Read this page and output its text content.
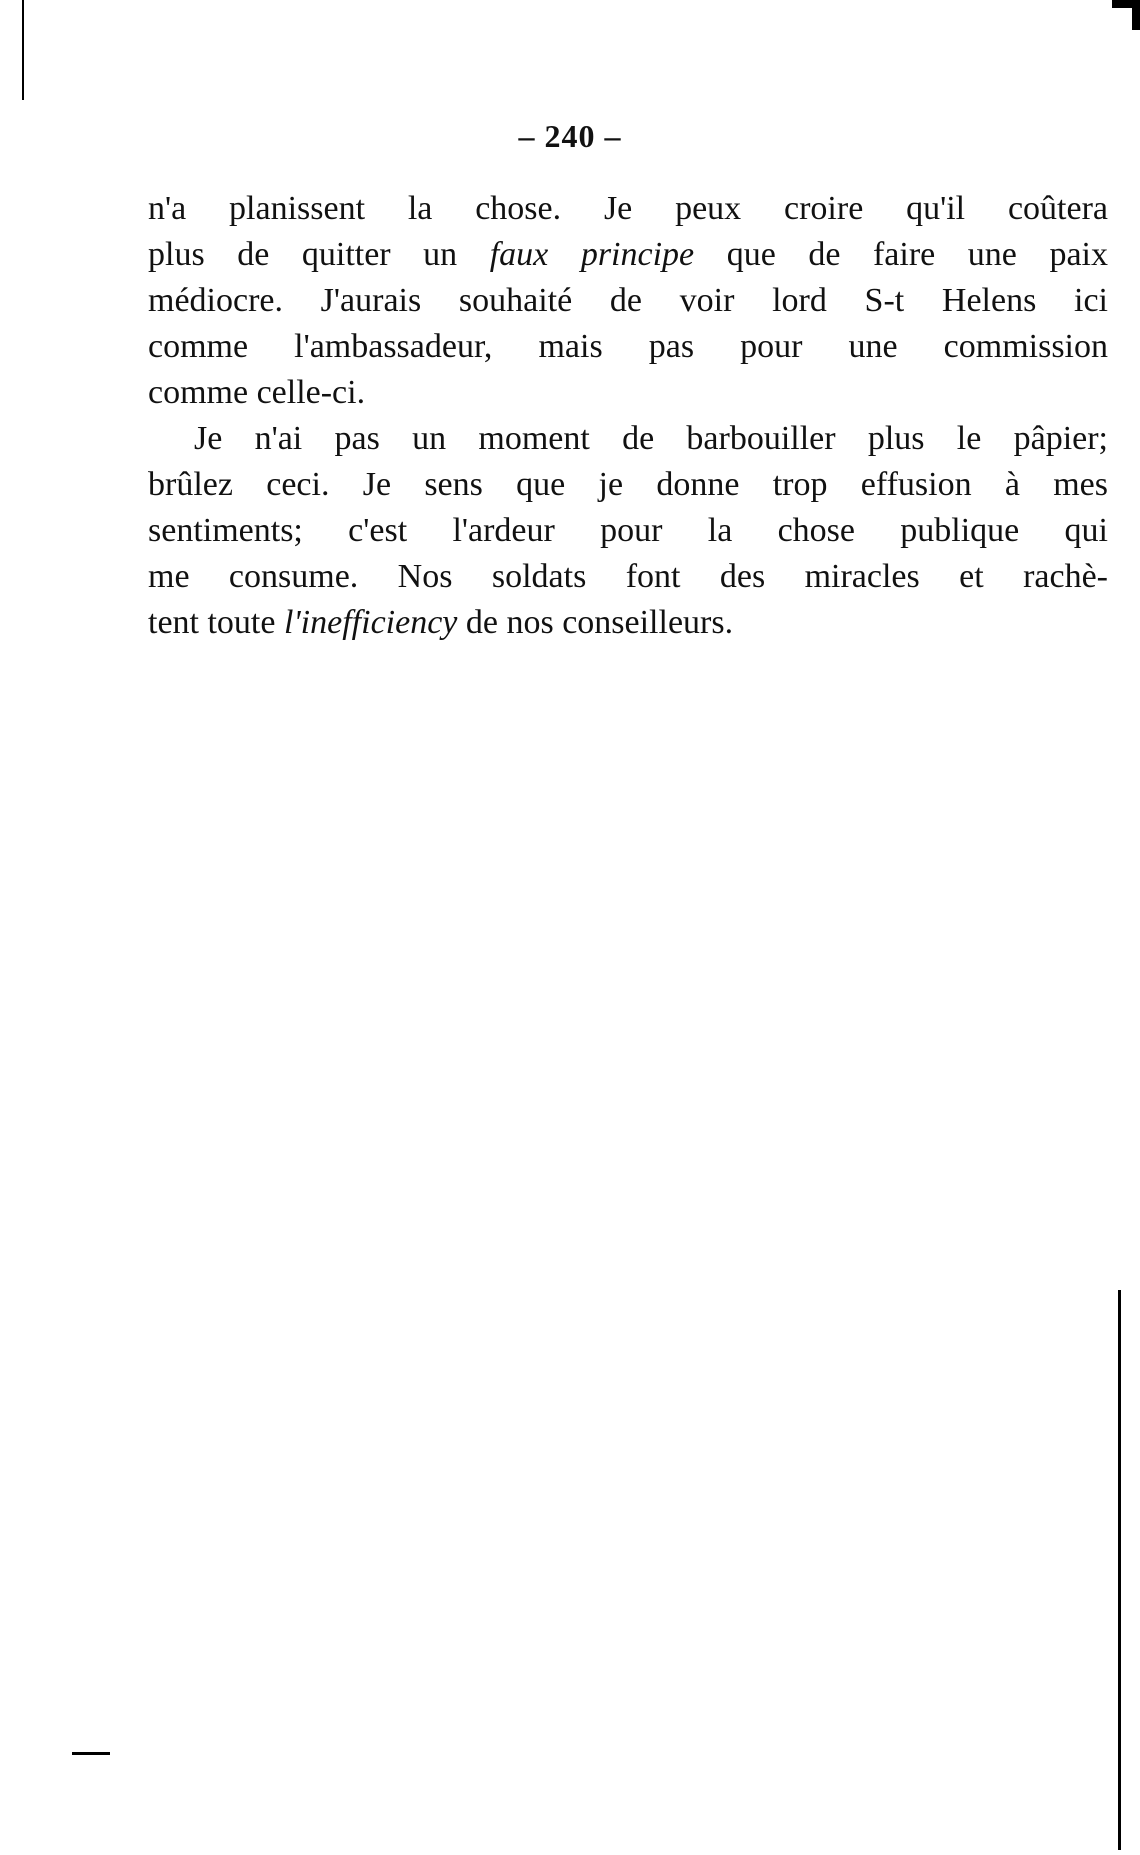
– 240 –
n'a planissent la chose. Je peux croire qu'il coûtera
plus de quitter un faux principe que de faire une paix
médiocre. J'aurais souhaité de voir lord S-t Helens ici
comme l'ambassadeur, mais pas pour une commission
comme celle-ci.
Je n'ai pas un moment de barbouiller plus le pâpier;
brûlez ceci. Je sens que je donne trop effusion à mes
sentiments; c'est l'ardeur pour la chose publique qui
me consume. Nos soldats font des miracles et rachè-
tent toute l'inefficiency de nos conseilleurs.
